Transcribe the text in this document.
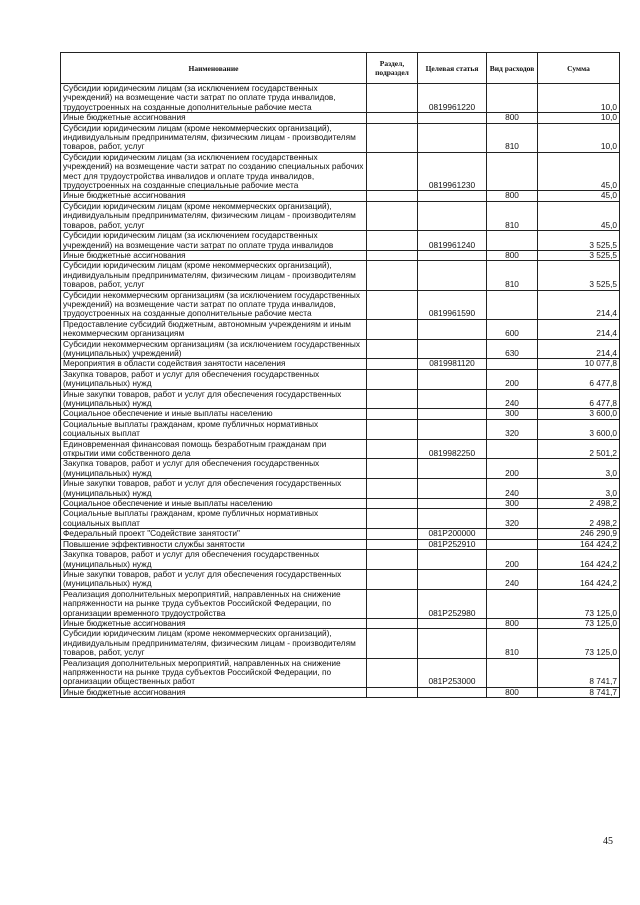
Наименование	Раздел, подраздел	Целевая статья	Вид расходов	Сумма
Субсидии юридическим лицам (за исключением государственных учреждений) на возмещение части затрат по оплате труда инвалидов, трудоустроенных на созданные дополнительные рабочие места		0819961220		10,0
Иные бюджетные ассигнования			800	10,0
Субсидии юридическим лицам (кроме некоммерческих организаций), индивидуальным предпринимателям, физическим лицам - производителям товаров, работ, услуг			810	10,0
Субсидии юридическим лицам (за исключением государственных учреждений) на возмещение части затрат по созданию специальных рабочих мест для трудоустройства инвалидов и оплате труда инвалидов, трудоустроенных на созданные специальные рабочие места		0819961230		45,0
Иные бюджетные ассигнования			800	45,0
Субсидии юридическим лицам (кроме некоммерческих организаций), индивидуальным предпринимателям, физическим лицам - производителям товаров, работ, услуг			810	45,0
Субсидии юридическим лицам (за исключением государственных учреждений) на возмещение части затрат по оплате труда инвалидов		0819961240		3 525,5
Иные бюджетные ассигнования			800	3 525,5
Субсидии юридическим лицам (кроме некоммерческих организаций), индивидуальным предпринимателям, физическим лицам - производителям товаров, работ, услуг			810	3 525,5
Субсидии некоммерческим организациям (за исключением государственных учреждений) на возмещение части затрат по оплате труда инвалидов, трудоустроенных на созданные дополнительные рабочие места		0819961590		214,4
Предоставление субсидий бюджетным, автономным учреждениям и иным некоммерческим организациям			600	214,4
Субсидии некоммерческим организациям (за исключением государственных (муниципальных) учреждений)			630	214,4
Мероприятия в области содействия занятости населения		0819981120		10 077,8
Закупка товаров, работ и услуг для обеспечения государственных (муниципальных) нужд			200	6 477,8
Иные закупки товаров, работ и услуг для обеспечения государственных (муниципальных) нужд			240	6 477,8
Социальное обеспечение и иные выплаты населению			300	3 600,0
Социальные выплаты гражданам, кроме публичных нормативных социальных выплат			320	3 600,0
Единовременная финансовая помощь безработным гражданам при открытии ими собственного дела		0819982250		2 501,2
Закупка товаров, работ и услуг для обеспечения государственных (муниципальных) нужд			200	3,0
Иные закупки товаров, работ и услуг для обеспечения государственных (муниципальных) нужд			240	3,0
Социальное обеспечение и иные выплаты населению			300	2 498,2
Социальные выплаты гражданам, кроме публичных нормативных социальных выплат			320	2 498,2
Федеральный проект "Содействие занятости"		081Р200000		246 290,9
Повышение эффективности службы занятости		081Р252910		164 424,2
Закупка товаров, работ и услуг для обеспечения государственных (муниципальных) нужд			200	164 424,2
Иные закупки товаров, работ и услуг для обеспечения государственных (муниципальных) нужд			240	164 424,2
Реализация дополнительных мероприятий, направленных на снижение напряженности на рынке труда субъектов Российской Федерации, по организации временного трудоустройства		081Р252980		73 125,0
Иные бюджетные ассигнования			800	73 125,0
Субсидии юридическим лицам (кроме некоммерческих организаций), индивидуальным предпринимателям, физическим лицам - производителям товаров, работ, услуг			810	73 125,0
Реализация дополнительных мероприятий, направленных на снижение напряженности на рынке труда субъектов Российской Федерации, по организации общественных работ		081Р253000		8 741,7
Иные бюджетные ассигнования			800	8 741,7
45
